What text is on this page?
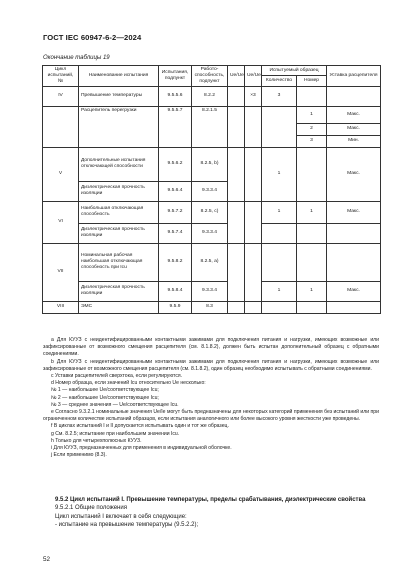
ГОСТ IEC 60947-6-2—2024
Окончание таблицы 19
Цикл испытаний, №	Наименование испытания	Испытания, подпункт	Работо-способность, подпункт	Uе/Uе	Uе/Uе	Испытуемый образец		Уставка расцепителя
						Количество	Номер	
IV	Превышение температуры	9.5.5.6	8.2.2		×3	3		
	Расцепитель перегрузки	9.5.5.7	8.2.1.5				1	Макс.
							2	Макс.
							3	Мин.
V	Дополнительные испытания отключающей способности	9.5.6.2	8.2.5, b)			1		Макс.
	Диэлектрическая прочность изоляции	9.5.6.4	9.3.3.4					
VI	Наибольшая отключающая способность	9.5.7.2	8.2.5, c)			1	1	Макс.
	Диэлектрическая прочность изоляции	9.5.7.4	9.3.3.4					
VII	Номинальная рабочая наибольшая отключающая способность при Icu	9.5.8.2	8.2.5, a)					
	Диэлектрическая прочность изоляции	9.5.8.4	9.3.3.4			1	1	Макс.
VIII	ЭМС	9.5.9	8.3					

a Для КУУЗ с неидентифицированными контактными зажимами для подключения питания и нагрузки, имеющих возможные или зафиксированные от возможного смещения расцепителя (см. 8.1.8.2), должен быть испытан дополнительный образец с обратными соединениями.

b Для КУУЗ с неидентифицированными контактными зажимами для подключения питания и нагрузки, имеющих возможные или зафиксированные от возможного смещения расцепителя (см. 8.1.8.2), один образец необходимо испытывать с обратными соединениями.

c Уставки расцепителей сверхтока, если регулируются.

d Номер образца, если значений Icu относительно Ue несколько:

№ 1 — наибольшее Ue/соответствующее Icu;

№ 2 — наибольшее Ue/соответствующее Icu;

№ 3 — среднее значения — Ue/соответствующее Icu.

e Согласно 9.3.2.1 номинальные значения Ue/Ie могут быть предназначены для некоторых категорий применения без испытаний или при ограниченном количестве испытаний образцов, если испытания аналогичного или более высокого уровня жесткости уже проведены.

f В циклах испытаний I и II допускается испытывать один и тот же образец.

g См. 8.2.5; испытание при наибольшем значении Icu.

h Только для четырехполюсных КУУЗ.

i Для КУУЗ, предназначенных для применения в индивидуальной оболочке.

j Если применимо (8.3).

9.5.2 Цикл испытаний I. Превышение температуры, пределы срабатывания, диэлектрические свойства

9.5.2.1 Общие положения

Цикл испытаний I включает в себя следующие:

- испытание на превышение температуры (9.5.2.2);

52
